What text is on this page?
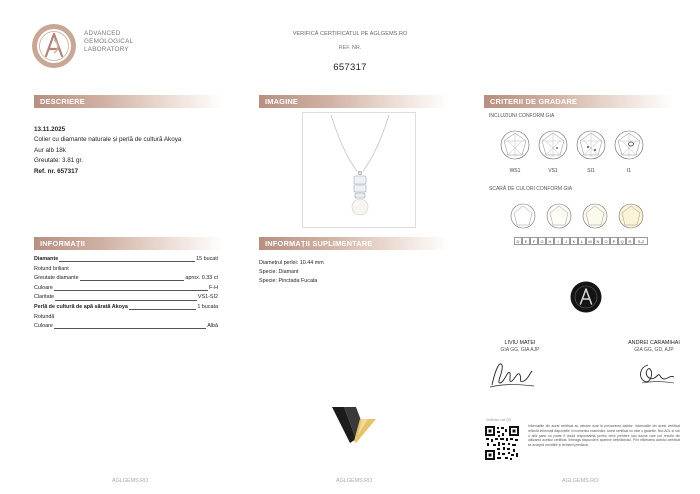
ADVANCED
GEMOLOGICAL
LABORATORY
VERIFICĂ CERTIFICATUL PE AGLGEMS.RO
REF. NR.
657317
DESCRIERE	IMAGINE	CRITERII DE GRADARE
INFORMAȚII	INFORMAȚII SUPLIMENTARE
13.11.2025
Colier cu diamante naturale și perlă de cultură Akoya
Aur alb 18k
Greutate: 3.81 gr.
Ref. nr. 657317
INCLUZIUNI CONFORM GIA
WS1	VS1	SI1	I1
SCARĂ DE CULORI CONFORM GIA
D	E	F	G	H	I	J	K	L	M	N	O	P	Q	R	S-Z
Diamante	15 bucati
Rotund briliant
Greutate diamante	aprox. 0.33 ct
Culoare	F-H
Claritate	VS1-SI2
Perlă de cultură de apă sărată Akoya	1 bucata
Rotundă
Culoare	Albă
Diametrul perlei: 10.44 mm
Specie: Diamant
Specie: Pinctada Fucata
LIVIU MATEI
GIA GG, GIA AJP
ANDREI CARAMIHAI
GIA GG, GD, AJP
Verificare cod QR
Informațiile din acest certificat au valoare doar la prelucrarea datelor. Informațiile din acest certificat reflectă informații disponibile în momentul examinării. Acest certificat nu este o garanție. Nici AGL și nici o altă parte nu poate fi ținută responsabilă pentru orice pierdere sau daune care pot rezulta din utilizarea acestui certificat. Întreaga răspundere aparține deținătorului. Prin eliberarea acestui certificat se acceptă condițiile și termenii prevăzuți.
AGLGEMS.RO	AGLGEMS.RO	AGLGEMS.RO
